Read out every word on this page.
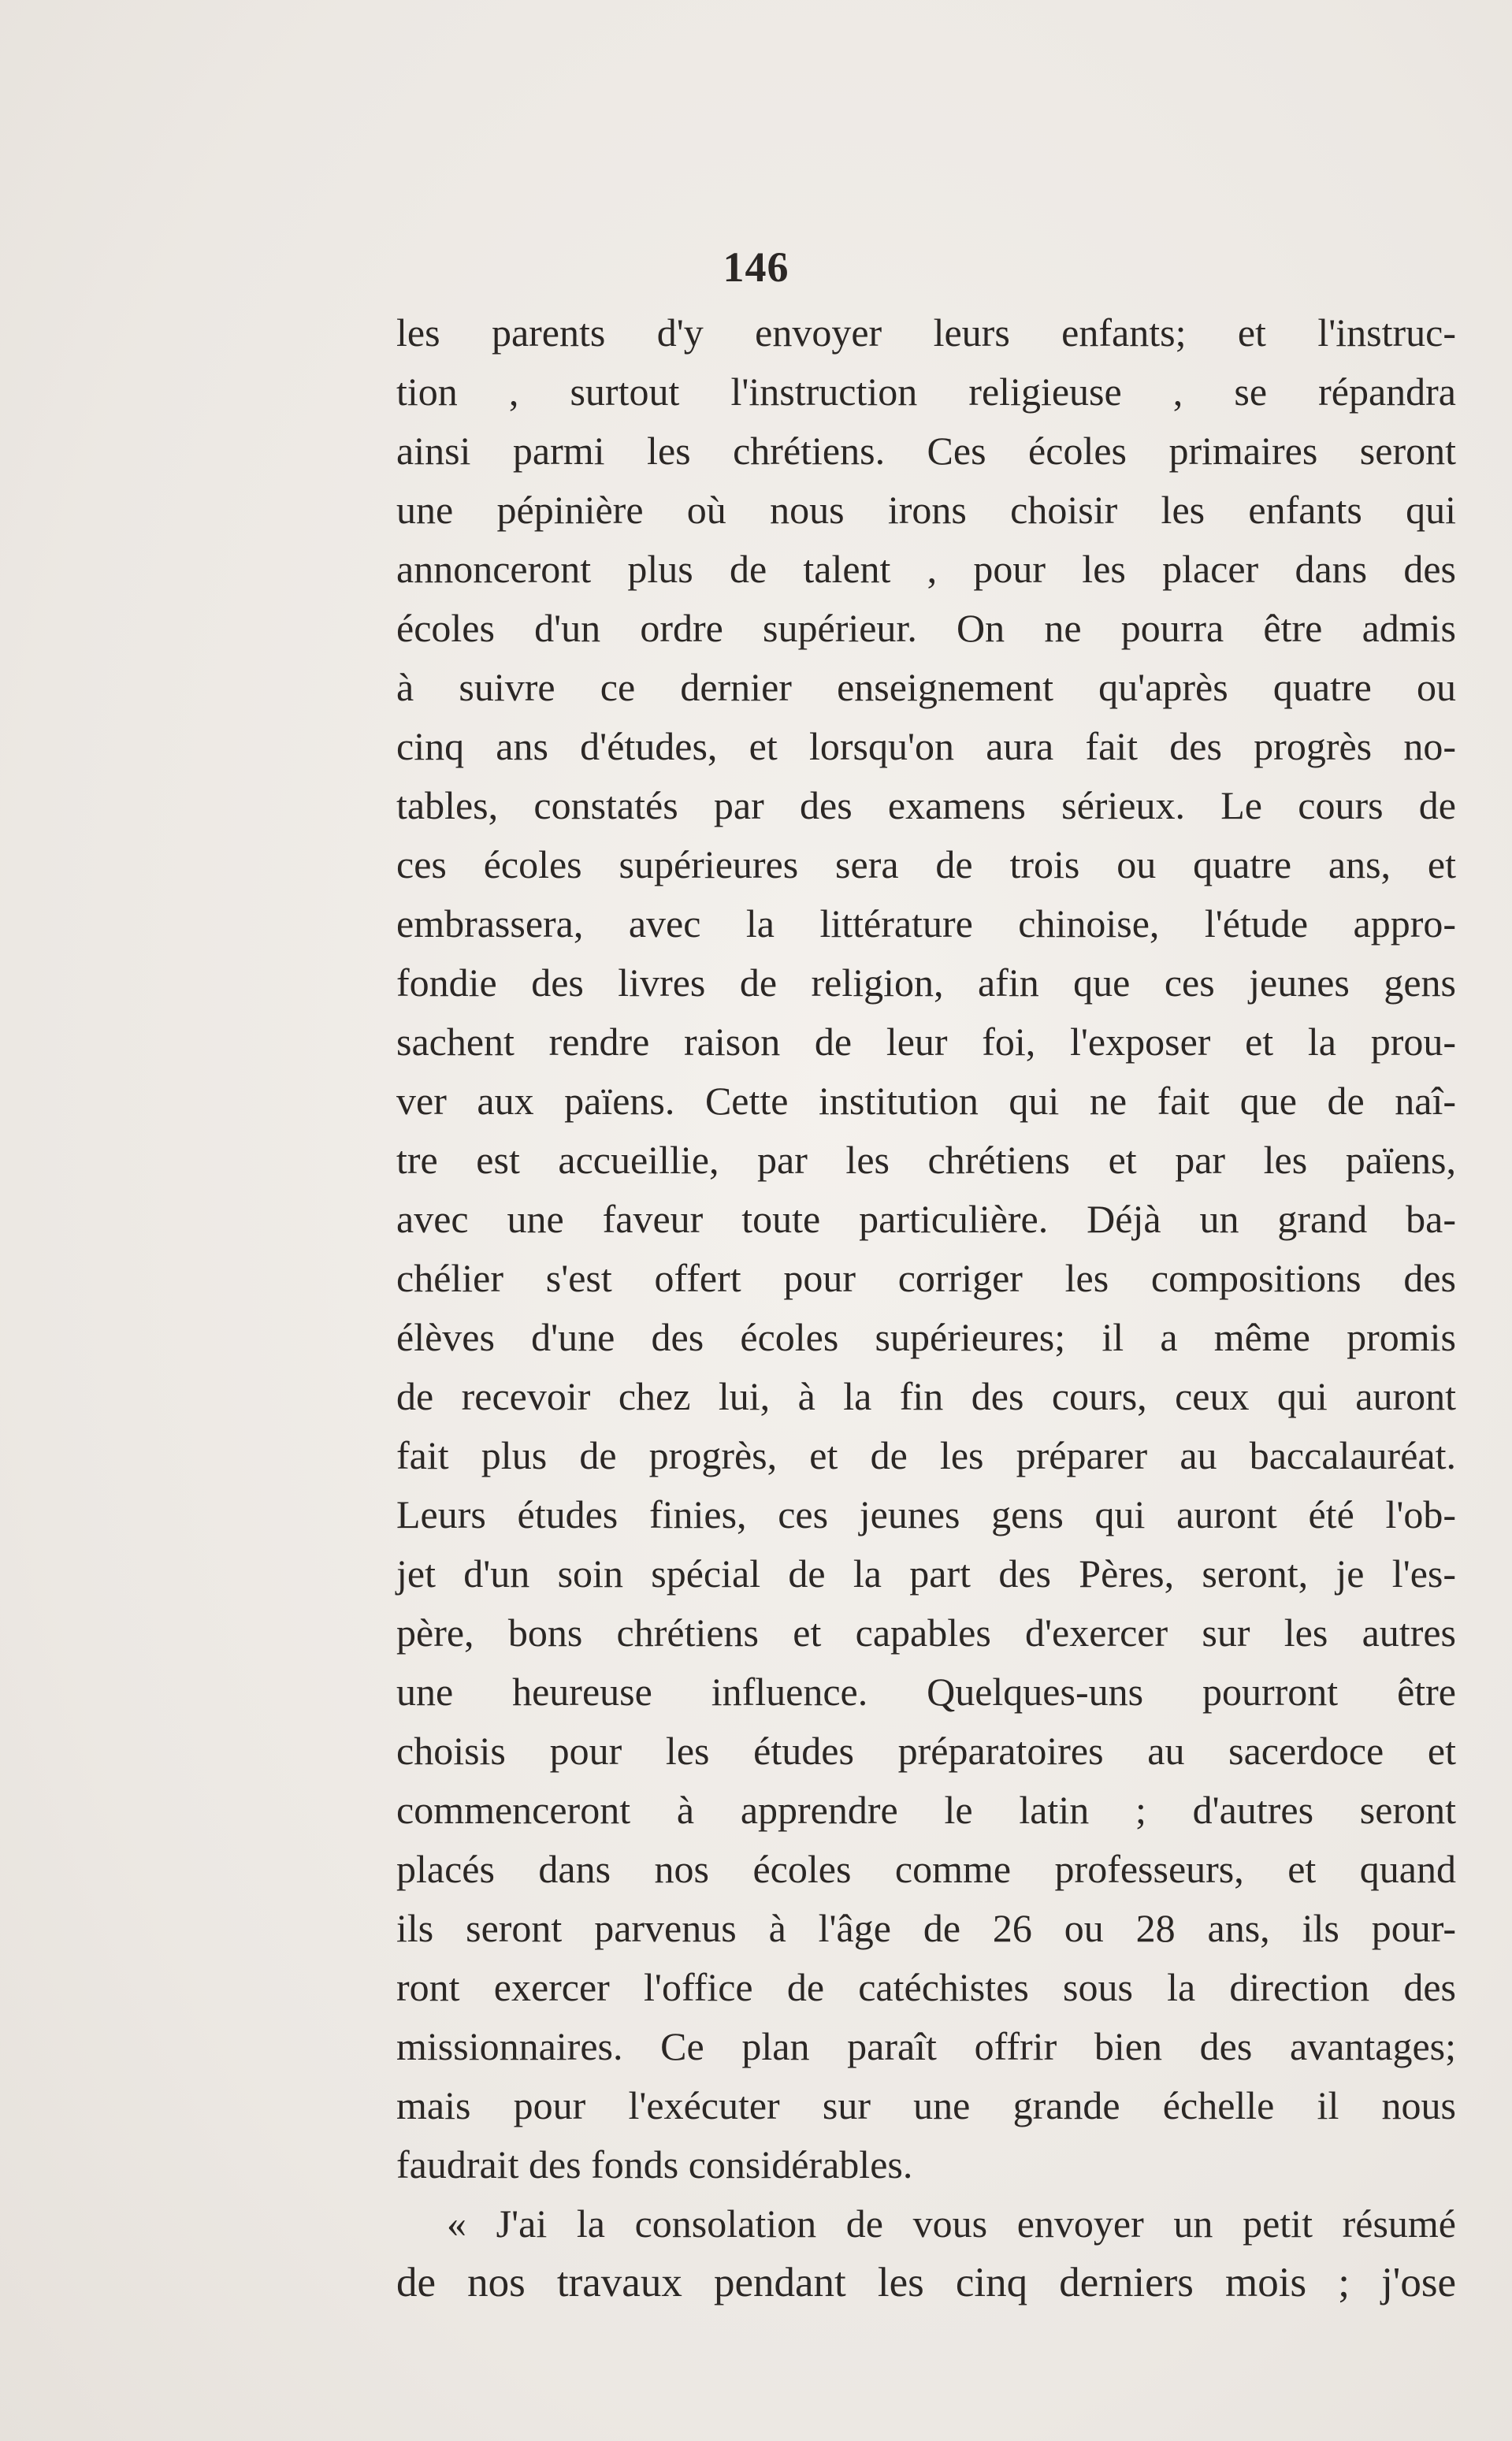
146
les parents d'y envoyer leurs enfants; et l'instruc-
tion , surtout l'instruction religieuse , se répandra
ainsi parmi les chrétiens. Ces écoles primaires seront
une pépinière où nous irons choisir les enfants qui
annonceront plus de talent , pour les placer dans des
écoles d'un ordre supérieur. On ne pourra être admis
à suivre ce dernier enseignement qu'après quatre ou
cinq ans d'études, et lorsqu'on aura fait des progrès no-
tables, constatés par des examens sérieux. Le cours de
ces écoles supérieures sera de trois ou quatre ans, et
embrassera, avec la littérature chinoise, l'étude appro-
fondie des livres de religion, afin que ces jeunes gens
sachent rendre raison de leur foi, l'exposer et la prou-
ver aux païens. Cette institution qui ne fait que de naî-
tre est accueillie, par les chrétiens et par les païens,
avec une faveur toute particulière. Déjà un grand ba-
chélier s'est offert pour corriger les compositions des
élèves d'une des écoles supérieures; il a même promis
de recevoir chez lui, à la fin des cours, ceux qui auront
fait plus de progrès, et de les préparer au baccalauréat.
Leurs études finies, ces jeunes gens qui auront été l'ob-
jet d'un soin spécial de la part des Pères, seront, je l'es-
père, bons chrétiens et capables d'exercer sur les autres
une heureuse influence. Quelques-uns pourront être
choisis pour les études préparatoires au sacerdoce et
commenceront à apprendre le latin ; d'autres seront
placés dans nos écoles comme professeurs, et quand
ils seront parvenus à l'âge de 26 ou 28 ans, ils pour-
ront exercer l'office de catéchistes sous la direction des
missionnaires. Ce plan paraît offrir bien des avantages;
mais pour l'exécuter sur une grande échelle il nous
faudrait des fonds considérables.
« J'ai la consolation de vous envoyer un petit résumé
de nos travaux pendant les cinq derniers mois ; j'ose
